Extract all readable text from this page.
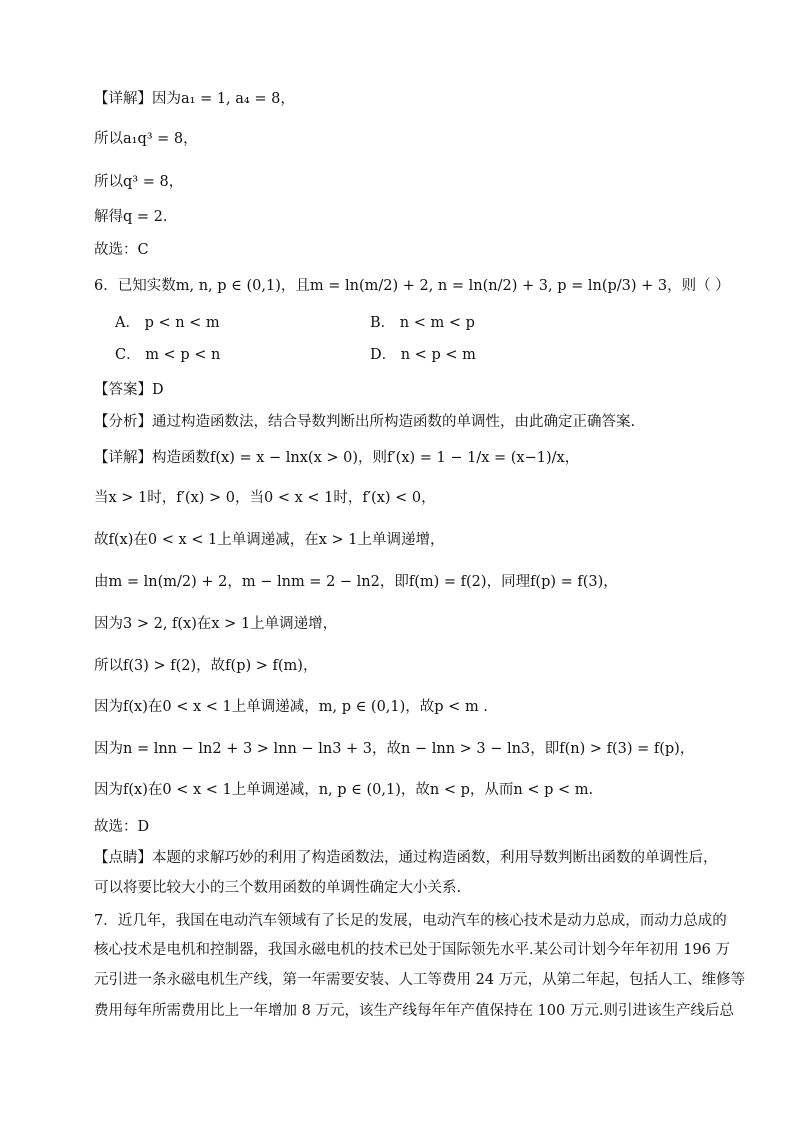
【详解】因为a₁ = 1, a₄ = 8，
所以a₁q³ = 8，
所以q³ = 8，
解得q = 2.
故选：C
6．已知实数m, n, p ∈ (0,1)，且m = ln(m/2) + 2, n = ln(n/2) + 3, p = ln(p/3) + 3，则（ ）
A． p < n < m	B． n < m < p
C． m < p < n	D． n < p < m
【答案】D
【分析】通过构造函数法，结合导数判断出所构造函数的单调性，由此确定正确答案.
【详解】构造函数f(x) = x − lnx(x > 0)，则f′(x) = 1 − 1/x = (x−1)/x，
当x > 1时，f′(x) > 0，当0 < x < 1时，f′(x) < 0，
故f(x)在0 < x < 1上单调递减，在x > 1上单调递增，
由m = ln(m/2) + 2，m − lnm = 2 − ln2，即f(m) = f(2)，同理f(p) = f(3)，
因为3 > 2, f(x)在x > 1上单调递增，
所以f(3) > f(2)，故f(p) > f(m)，
因为f(x)在0 < x < 1上单调递减，m, p ∈ (0,1)，故p < m .
因为n = lnn − ln2 + 3 > lnn − ln3 + 3，故n − lnn > 3 − ln3，即f(n) > f(3) = f(p)，
因为f(x)在0 < x < 1上单调递减，n, p ∈ (0,1)，故n < p，从而n < p < m.
故选：D
【点睛】本题的求解巧妙的利用了构造函数法，通过构造函数，利用导数判断出函数的单调性后，
可以将要比较大小的三个数用函数的单调性确定大小关系.
7．近几年，我国在电动汽车领域有了长足的发展，电动汽车的核心技术是动力总成，而动力总成的
核心技术是电机和控制器，我国永磁电机的技术已处于国际领先水平.某公司计划今年年初用 196 万
元引进一条永磁电机生产线，第一年需要安装、人工等费用 24 万元，从第二年起，包括人工、维修等
费用每年所需费用比上一年增加 8 万元，该生产线每年年产值保持在 100 万元.则引进该生产线后总
